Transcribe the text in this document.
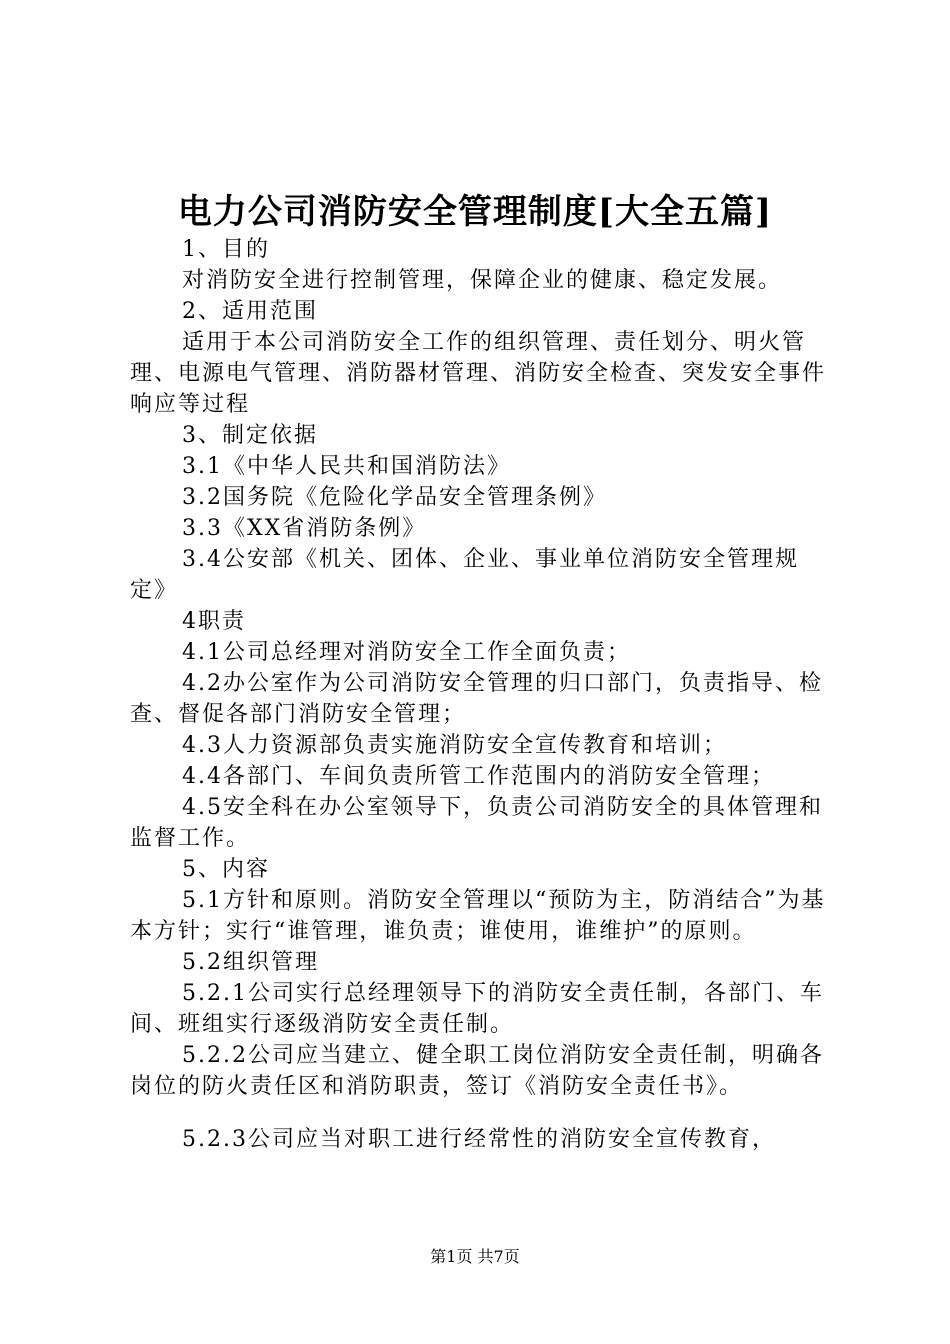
电力公司消防安全管理制度[大全五篇]

1、目的

对消防安全进行控制管理，保障企业的健康、稳定发展。

2、适用范围

适用于本公司消防安全工作的组织管理、责任划分、明火管理、电源电气管理、消防器材管理、消防安全检查、突发安全事件响应等过程

3、制定依据

3.1《中华人民共和国消防法》

3.2国务院《危险化学品安全管理条例》

3.3《XX省消防条例》

3.4公安部《机关、团体、企业、事业单位消防安全管理规定》

4职责

4.1公司总经理对消防安全工作全面负责；

4.2办公室作为公司消防安全管理的归口部门，负责指导、检查、督促各部门消防安全管理；

4.3人力资源部负责实施消防安全宣传教育和培训；

4.4各部门、车间负责所管工作范围内的消防安全管理；

4.5安全科在办公室领导下，负责公司消防安全的具体管理和监督工作。

5、内容

5.1方针和原则。消防安全管理以“预防为主，防消结合”为基本方针；实行“谁管理，谁负责；谁使用，谁维护”的原则。

5.2组织管理

5.2.1公司实行总经理领导下的消防安全责任制，各部门、车间、班组实行逐级消防安全责任制。

5.2.2公司应当建立、健全职工岗位消防安全责任制，明确各岗位的防火责任区和消防职责，签订《消防安全责任书》。

5.2.3公司应当对职工进行经常性的消防安全宣传教育，

第1页 共7页
